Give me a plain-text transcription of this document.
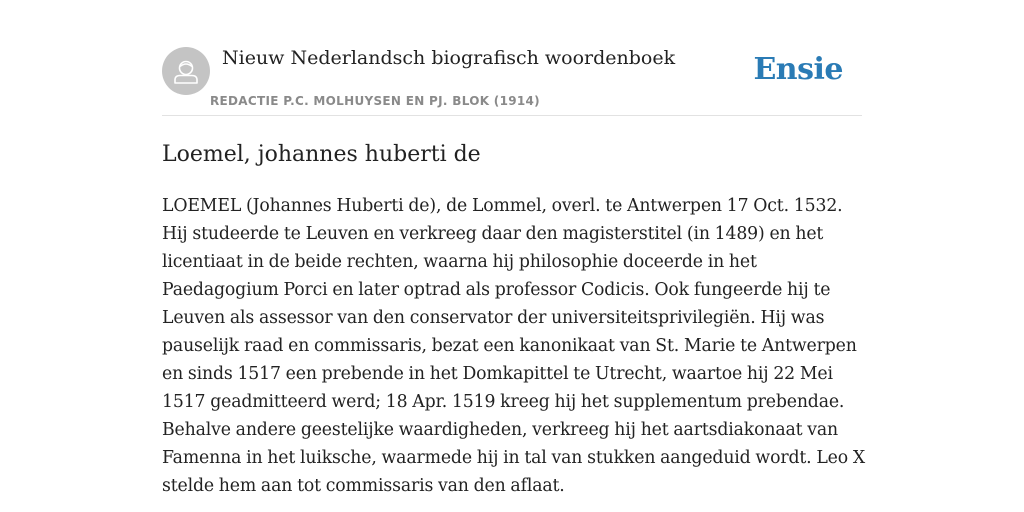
Nieuw Nederlandsch biografisch woordenboek
REDACTIE P.C. MOLHUYSEN EN PJ. BLOK (1914)
Ensie
Loemel, johannes huberti de

LOEMEL (Johannes Huberti de), de Lommel, overl. te Antwerpen 17 Oct. 1532. Hij studeerde te Leuven en verkreeg daar den magisterstitel (in 1489) en het licentiaat in de beide rechten, waarna hij philosophie doceerde in het Paedagogium Porci en later optrad als professor Codicis. Ook fungeerde hij te Leuven als assessor van den conservator der universiteitsprivilegiën. Hij was pauselijk raad en commissaris, bezat een kanonikaat van St. Marie te Antwerpen en sinds 1517 een prebende in het Domkapittel te Utrecht, waartoe hij 22 Mei 1517 geadmitteerd werd; 18 Apr. 1519 kreeg hij het supplementum prebendae. Behalve andere geestelijke waardigheden, verkreeg hij het aartsdiakonaat van Famenna in het luiksche, waarmede hij in tal van stukken aangeduid wordt. Leo X stelde hem aan tot commissaris van den aflaat.
